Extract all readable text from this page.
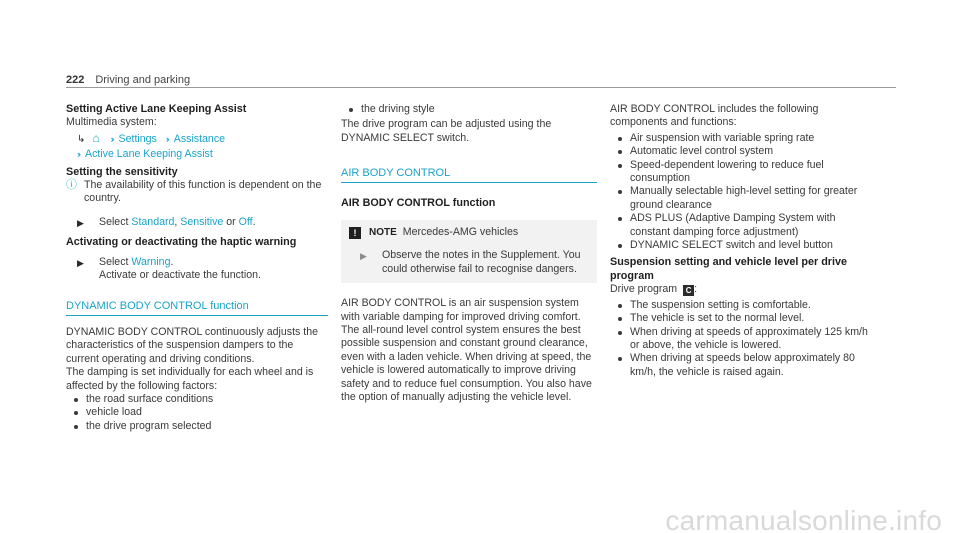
222 Driving and parking
Setting Active Lane Keeping Assist
Multimedia system:
↳ ⌂ ›› Settings ›› Assistance
›› Active Lane Keeping Assist
Setting the sensitivity
ⓘ The availability of this function is dependent on the country.
▶	Select Standard, Sensitive or Off.
Activating or deactivating the haptic warning
▶	Select Warning.
Activate or deactivate the function.
DYNAMIC BODY CONTROL function
DYNAMIC BODY CONTROL continuously adjusts the characteristics of the suspension dampers to the current operating and driving conditions.
The damping is set individually for each wheel and is affected by the following factors:
the road surface conditions
vehicle load
the drive program selected
the driving style
The drive program can be adjusted using the DYNAMIC SELECT switch.
AIR BODY CONTROL
AIR BODY CONTROL function
!	NOTE Mercedes-AMG vehicles
▶	Observe the notes in the Supplement. You could otherwise fail to recognise dangers.
AIR BODY CONTROL is an air suspension system with variable damping for improved driving comfort. The all-round level control system ensures the best possible suspension and constant ground clearance, even with a laden vehicle. When driving at speed, the vehicle is lowered automatically to improve driving safety and to reduce fuel consumption. You also have the option of manually adjusting the vehicle level.
AIR BODY CONTROL includes the following components and functions:
Air suspension with variable spring rate
Automatic level control system
Speed-dependent lowering to reduce fuel consumption
Manually selectable high-level setting for greater ground clearance
ADS PLUS (Adaptive Damping System with constant damping force adjustment)
DYNAMIC SELECT switch and level button
Suspension setting and vehicle level per drive program
Drive program C :
The suspension setting is comfortable.
The vehicle is set to the normal level.
When driving at speeds of approximately 125 km/h or above, the vehicle is lowered.
When driving at speeds below approximately 80 km/h, the vehicle is raised again.
carmanualsonline.info
